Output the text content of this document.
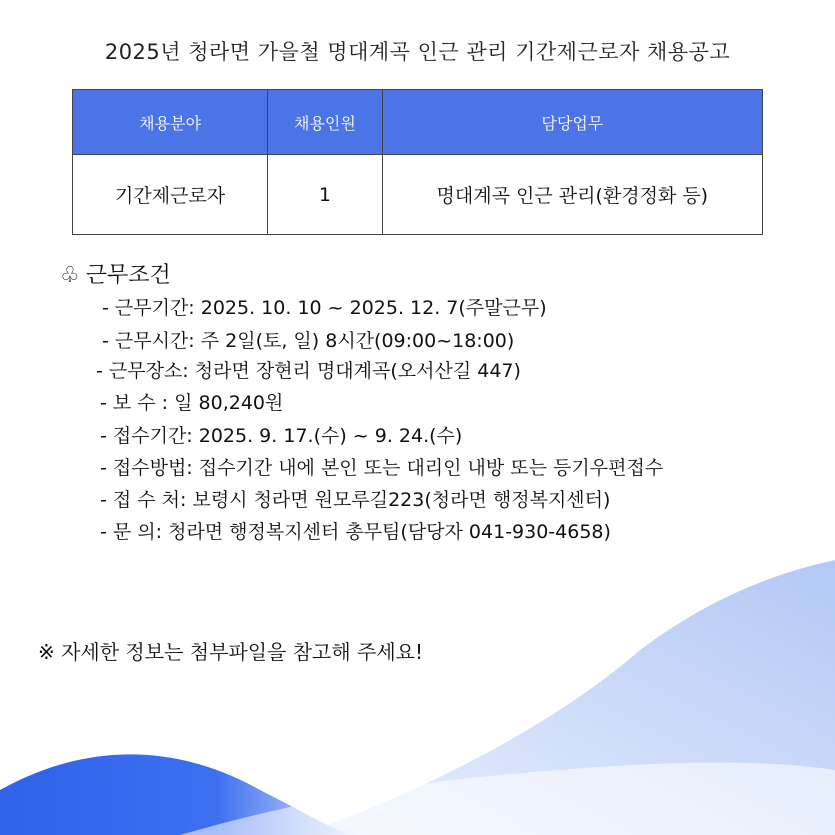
2025년 청라면 가을철 명대계곡 인근 관리 기간제근로자 채용공고
채용분야	채용인원	담당업무
기간제근로자	1	명대계곡 인근 관리(환경정화 등)
♧ 근무조건
- 근무기간: 2025. 10. 10 ~ 2025. 12. 7(주말근무)
- 근무시간: 주 2일(토, 일) 8시간(09:00~18:00)
- 근무장소: 청라면 장현리 명대계곡(오서산길 447)
- 보 수 : 일 80,240원
- 접수기간: 2025. 9. 17.(수) ~ 9. 24.(수)
- 접수방법: 접수기간 내에 본인 또는 대리인 내방 또는 등기우편접수
- 접 수 처: 보령시 청라면 원모루길223(청라면 행정복지센터)
- 문 의: 청라면 행정복지센터 총무팀(담당자 041-930-4658)
※ 자세한 정보는 첨부파일을 참고해 주세요!
